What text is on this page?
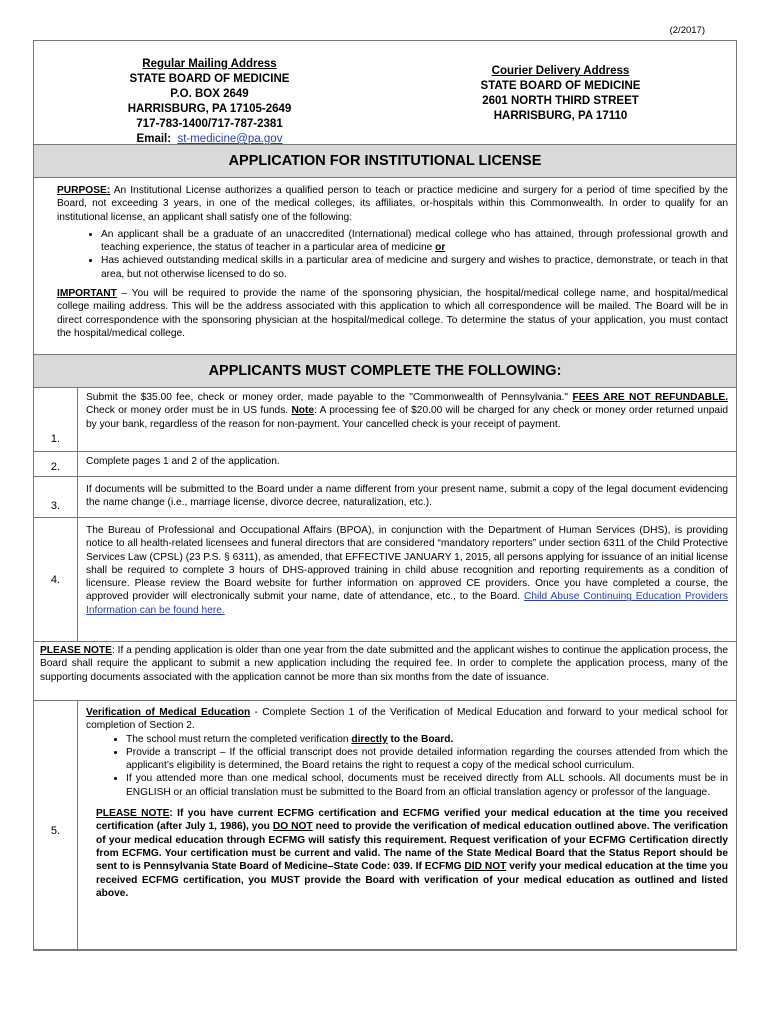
(2/2017)
Regular Mailing Address
STATE BOARD OF MEDICINE
P.O. BOX 2649
HARRISBURG, PA 17105-2649
717-783-1400/717-787-2381
Email: st-medicine@pa.gov
Courier Delivery Address
STATE BOARD OF MEDICINE
2601 NORTH THIRD STREET
HARRISBURG, PA 17110
APPLICATION FOR INSTITUTIONAL LICENSE

PURPOSE: An Institutional License authorizes a qualified person to teach or practice medicine and surgery for a period of time specified by the Board, not exceeding 3 years, in one of the medical colleges, its affiliates, or-hospitals within this Commonwealth. In order to qualify for an institutional license, an applicant shall satisfy one of the following:

• An applicant shall be a graduate of an unaccredited (International) medical college who has attained, through professional growth and teaching experience, the status of teacher in a particular area of medicine or
• Has achieved outstanding medical skills in a particular area of medicine and surgery and wishes to practice, demonstrate, or teach in that area, but not otherwise licensed to do so.

IMPORTANT – You will be required to provide the name of the sponsoring physician, the hospital/medical college name, and hospital/medical college mailing address. This will be the address associated with this application to which all correspondence will be mailed. The Board will be in direct correspondence with the sponsoring physician at the hospital/medical college. To determine the status of your application, you must contact the hospital/medical college.

APPLICANTS MUST COMPLETE THE FOLLOWING:
1.
Submit the $35.00 fee, check or money order, made payable to the "Commonwealth of Pennsylvania." FEES ARE NOT REFUNDABLE. Check or money order must be in US funds. Note: A processing fee of $20.00 will be charged for any check or money order returned unpaid by your bank, regardless of the reason for non-payment. Your cancelled check is your receipt of payment.
2.	Complete pages 1 and 2 of the application.
3.
If documents will be submitted to the Board under a name different from your present name, submit a copy of the legal document evidencing the name change (i.e., marriage license, divorce decree, naturalization, etc.).
4.
The Bureau of Professional and Occupational Affairs (BPOA), in conjunction with the Department of Human Services (DHS), is providing notice to all health-related licensees and funeral directors that are considered “mandatory reporters” under section 6311 of the Child Protective Services Law (CPSL) (23 P.S. § 6311), as amended, that EFFECTIVE JANUARY 1, 2015, all persons applying for issuance of an initial license shall be required to complete 3 hours of DHS-approved training in child abuse recognition and reporting requirements as a condition of licensure. Please review the Board website for further information on approved CE providers. Once you have completed a course, the approved provider will electronically submit your name, date of attendance, etc., to the Board. Child Abuse Continuing Education Providers Information can be found here.
PLEASE NOTE: If a pending application is older than one year from the date submitted and the applicant wishes to continue the application process, the Board shall require the applicant to submit a new application including the required fee. In order to complete the application process, many of the supporting documents associated with the application cannot be more than six months from the date of issuance.
5.

Verification of Medical Education - Complete Section 1 of the Verification of Medical Education and forward to your medical school for completion of Section 2.

• The school must return the completed verification directly to the Board.
• Provide a transcript – If the official transcript does not provide detailed information regarding the courses attended from which the applicant’s eligibility is determined, the Board retains the right to request a copy of the medical school curriculum.
• If you attended more than one medical school, documents must be received directly from ALL schools. All documents must be in ENGLISH or an official translation must be submitted to the Board from an official translation agency or professor of the language.

PLEASE NOTE: If you have current ECFMG certification and ECFMG verified your medical education at the time you received certification (after July 1, 1986), you DO NOT need to provide the verification of medical education outlined above. The verification of your medical education through ECFMG will satisfy this requirement. Request verification of your ECFMG Certification directly from ECFMG. Your certification must be current and valid. The name of the State Medical Board that the Status Report should be sent to is Pennsylvania State Board of Medicine–State Code: 039. If ECFMG DID NOT verify your medical education at the time you received ECFMG certification, you MUST provide the Board with verification of your medical education as outlined and listed above.
